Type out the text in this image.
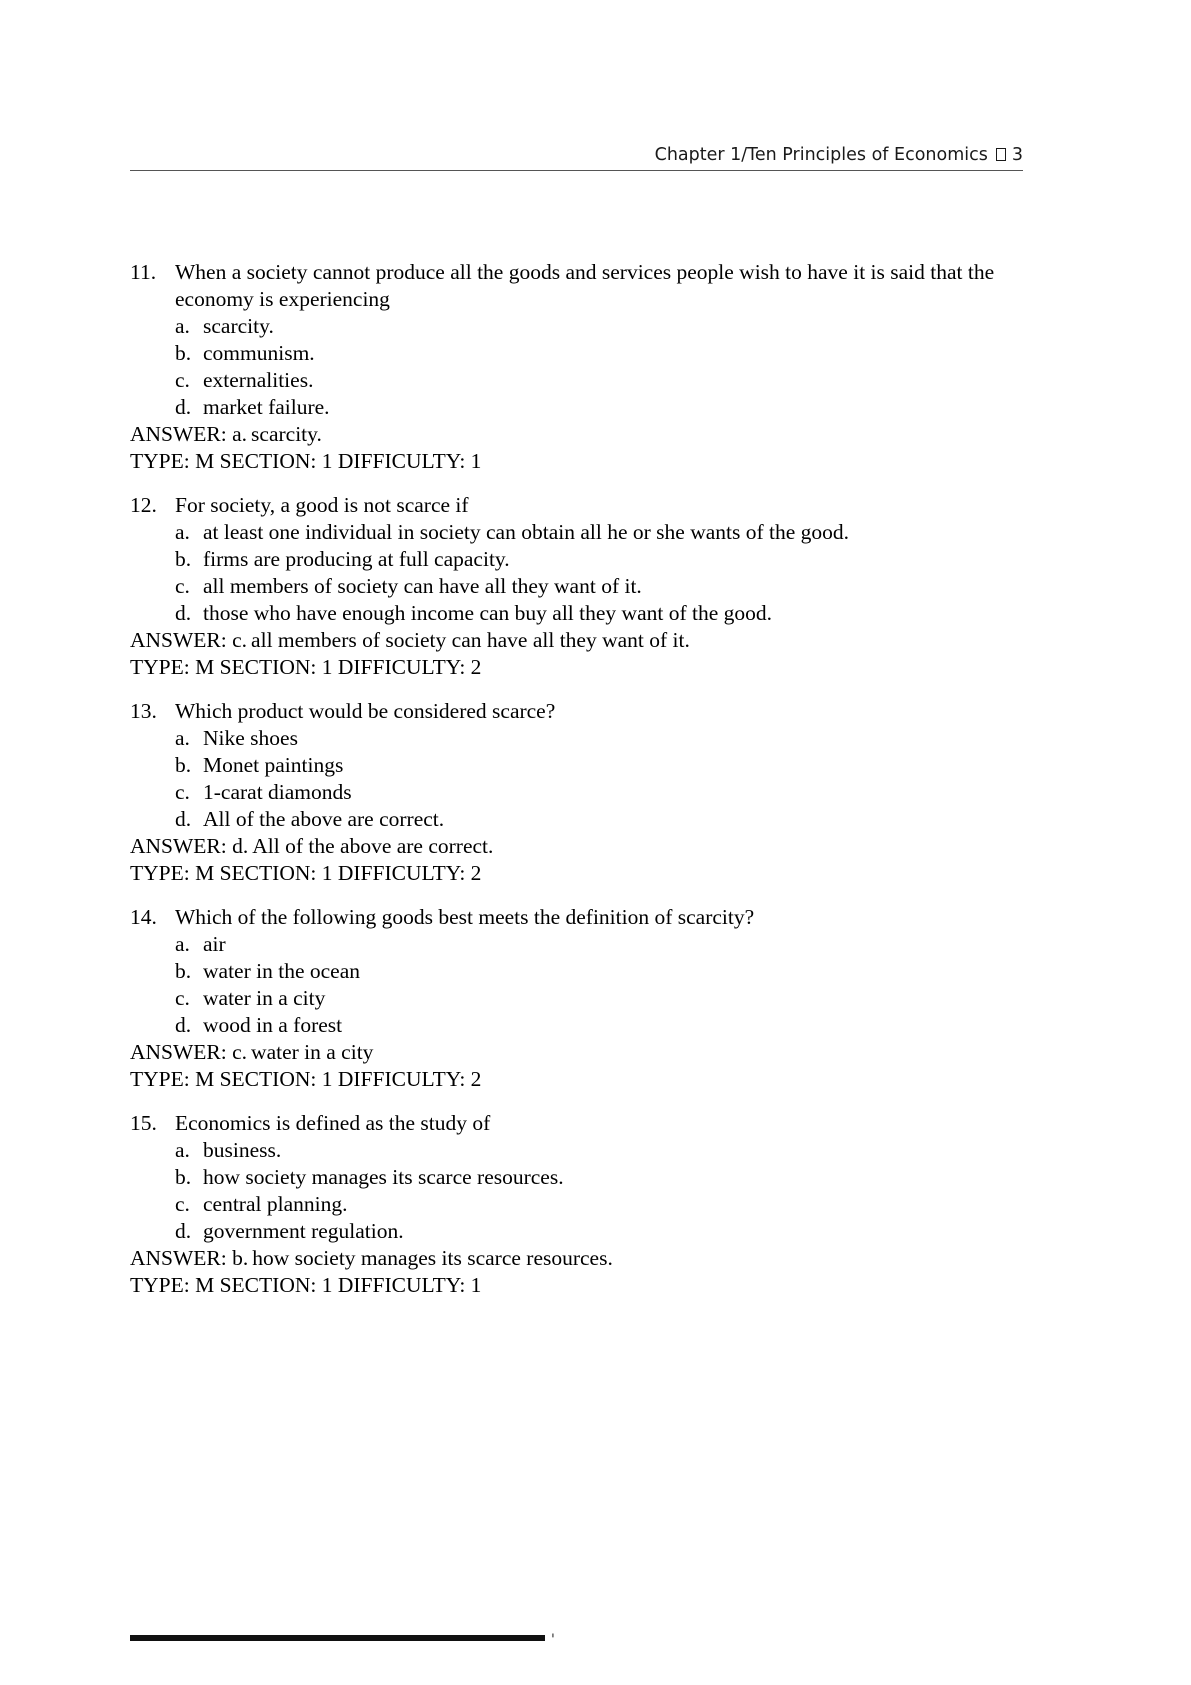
Chapter 1/Ten Principles of Economics 3
11. When a society cannot produce all the goods and services people wish to have it is said that the economy is experiencing
a. scarcity.
b. communism.
c. externalities.
d. market failure.
ANSWER: a. scarcity.
TYPE: M SECTION: 1 DIFFICULTY: 1
12. For society, a good is not scarce if
a. at least one individual in society can obtain all he or she wants of the good.
b. firms are producing at full capacity.
c. all members of society can have all they want of it.
d. those who have enough income can buy all they want of the good.
ANSWER: c. all members of society can have all they want of it.
TYPE: M SECTION: 1 DIFFICULTY: 2
13. Which product would be considered scarce?
a. Nike shoes
b. Monet paintings
c. 1-carat diamonds
d. All of the above are correct.
ANSWER: d. All of the above are correct.
TYPE: M SECTION: 1 DIFFICULTY: 2
14. Which of the following goods best meets the definition of scarcity?
a. air
b. water in the ocean
c. water in a city
d. wood in a forest
ANSWER: c. water in a city
TYPE: M SECTION: 1 DIFFICULTY: 2
15. Economics is defined as the study of
a. business.
b. how society manages its scarce resources.
c. central planning.
d. government regulation.
ANSWER: b. how society manages its scarce resources.
TYPE: M SECTION: 1 DIFFICULTY: 1
'
